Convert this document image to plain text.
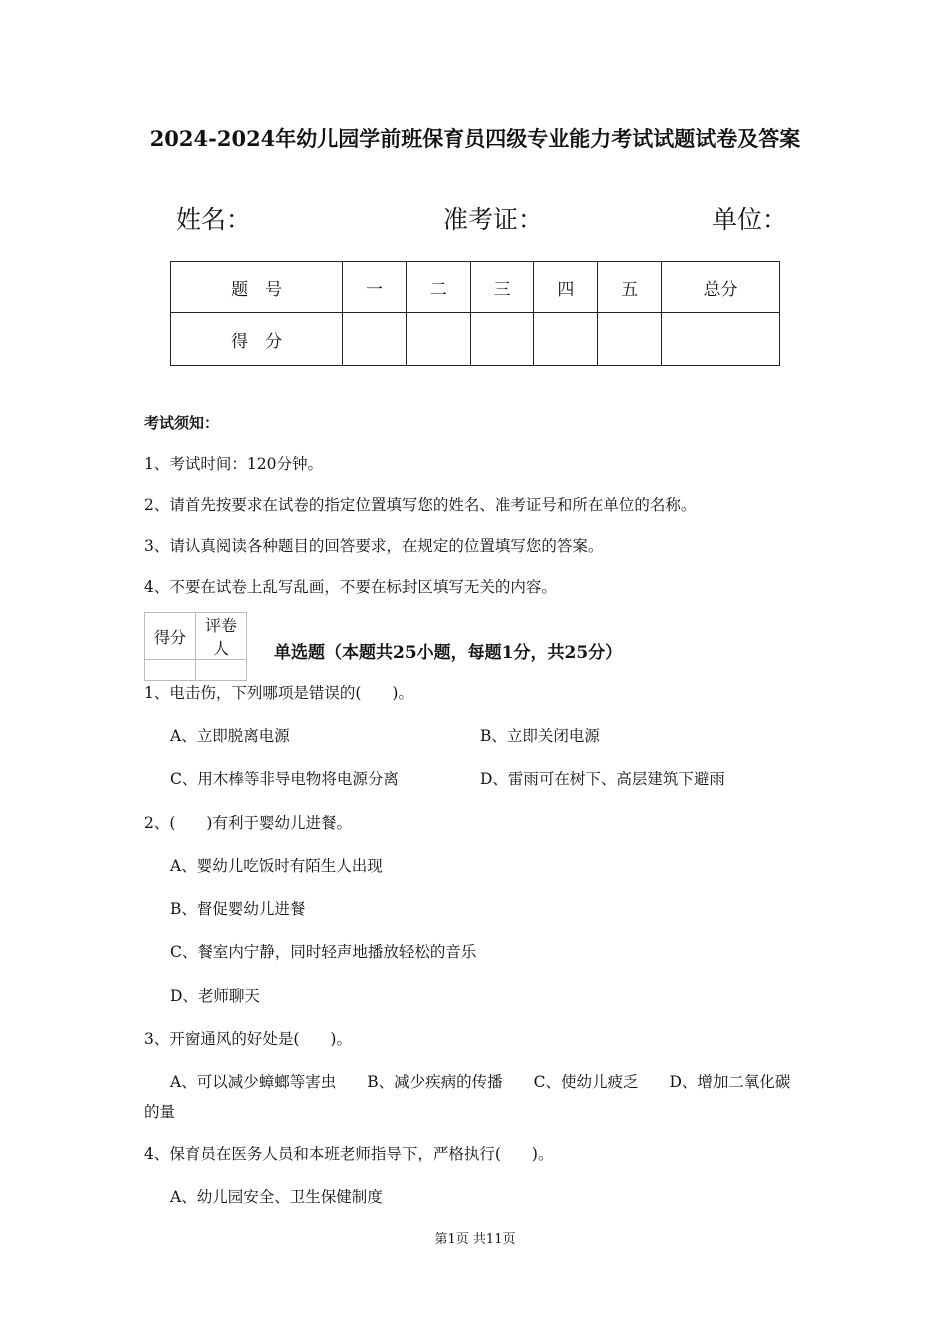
2024-2024年幼儿园学前班保育员四级专业能力考试试题试卷及答案
姓名：	准考证：	单位：
题　号	一	二	三	四	五	总分
得　分						
考试须知：
1、考试时间：120分钟。
2、请首先按要求在试卷的指定位置填写您的姓名、准考证号和所在单位的名称。
3、请认真阅读各种题目的回答要求，在规定的位置填写您的答案。
4、不要在试卷上乱写乱画，不要在标封区填写无关的内容。
得分	评卷人
		单选题（本题共25小题，每题1分，共25分）
1、电击伤，下列哪项是错误的(　　)。
A、立即脱离电源	B、立即关闭电源
C、用木棒等非导电物将电源分离	D、雷雨可在树下、高层建筑下避雨
2、(　　)有利于婴幼儿进餐。
A、婴幼儿吃饭时有陌生人出现
B、督促婴幼儿进餐
C、餐室内宁静，同时轻声地播放轻松的音乐
D、老师聊天
3、开窗通风的好处是(　　)。
A、可以减少蟑螂等害虫　　B、减少疾病的传播　　C、使幼儿疲乏　　D、增加二氧化碳
的量
4、保育员在医务人员和本班老师指导下，严格执行(　　)。
A、幼儿园安全、卫生保健制度
第1页 共11页
